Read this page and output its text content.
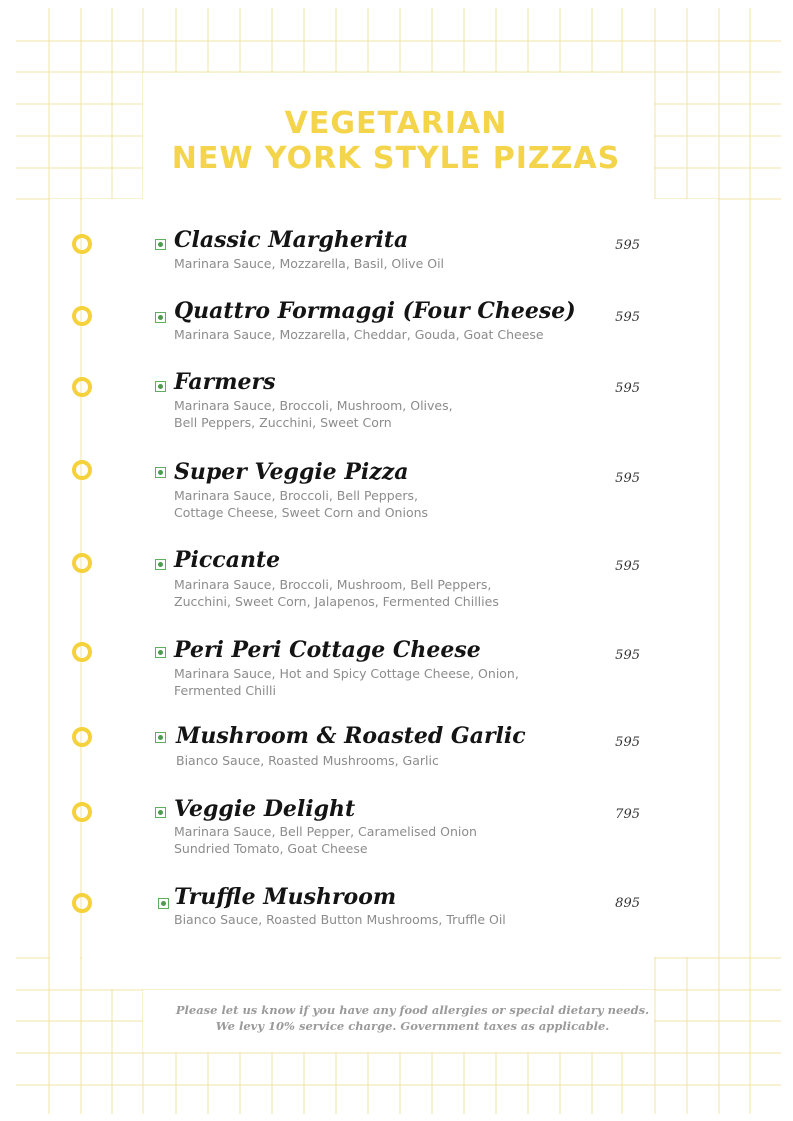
VEGETARIAN
NEW YORK STYLE PIZZAS
Classic Margherita
Marinara Sauce, Mozzarella, Basil, Olive Oil
595
Quattro Formaggi (Four Cheese)
Marinara Sauce, Mozzarella, Cheddar, Gouda, Goat Cheese
595
Farmers
Marinara Sauce, Broccoli, Mushroom, Olives,
Bell Peppers, Zucchini, Sweet Corn
595
Super Veggie Pizza
Marinara Sauce, Broccoli, Bell Peppers,
Cottage Cheese, Sweet Corn and Onions
595
Piccante
Marinara Sauce, Broccoli, Mushroom, Bell Peppers,
Zucchini, Sweet Corn, Jalapenos, Fermented Chillies
595
Peri Peri Cottage Cheese
Marinara Sauce, Hot and Spicy Cottage Cheese, Onion,
Fermented Chilli
595
Mushroom & Roasted Garlic
Bianco Sauce, Roasted Mushrooms, Garlic
595
Veggie Delight
Marinara Sauce, Bell Pepper, Caramelised Onion
Sundried Tomato, Goat Cheese
795
Truffle Mushroom
Bianco Sauce, Roasted Button Mushrooms, Truffle Oil
895
Please let us know if you have any food allergies or special dietary needs.
We levy 10% service charge. Government taxes as applicable.
